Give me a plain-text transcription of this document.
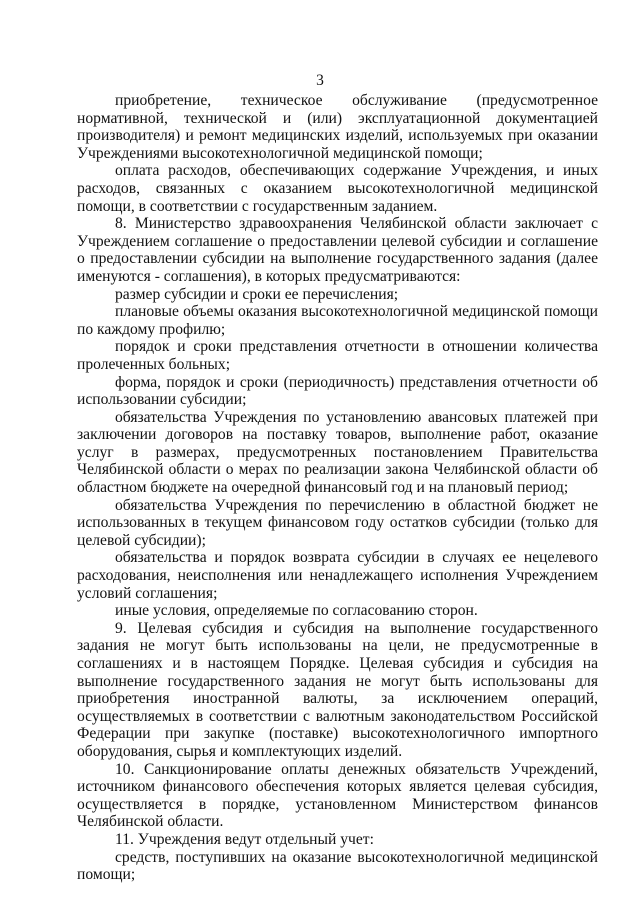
3

приобретение, техническое обслуживание (предусмотренное нормативной, технической и (или) эксплуатационной документацией производителя) и ремонт медицинских изделий, используемых при оказании Учреждениями высокотехнологичной медицинской помощи;

оплата расходов, обеспечивающих содержание Учреждения, и иных расходов, связанных с оказанием высокотехнологичной медицинской помощи, в соответствии с государственным заданием.

8. Министерство здравоохранения Челябинской области заключает с Учреждением соглашение о предоставлении целевой субсидии и соглашение о предоставлении субсидии на выполнение государственного задания (далее именуются - соглашения), в которых предусматриваются:

размер субсидии и сроки ее перечисления;

плановые объемы оказания высокотехнологичной медицинской помощи по каждому профилю;

порядок и сроки представления отчетности в отношении количества пролеченных больных;

форма, порядок и сроки (периодичность) представления отчетности об использовании субсидии;

обязательства Учреждения по установлению авансовых платежей при заключении договоров на поставку товаров, выполнение работ, оказание услуг в размерах, предусмотренных постановлением Правительства Челябинской области о мерах по реализации закона Челябинской области об областном бюджете на очередной финансовый год и на плановый период;

обязательства Учреждения по перечислению в областной бюджет не использованных в текущем финансовом году остатков субсидии (только для целевой субсидии);

обязательства и порядок возврата субсидии в случаях ее нецелевого расходования, неисполнения или ненадлежащего исполнения Учреждением условий соглашения;

иные условия, определяемые по согласованию сторон.

9. Целевая субсидия и субсидия на выполнение государственного задания не могут быть использованы на цели, не предусмотренные в соглашениях и в настоящем Порядке. Целевая субсидия и субсидия на выполнение государственного задания не могут быть использованы для приобретения иностранной валюты, за исключением операций, осуществляемых в соответствии с валютным законодательством Российской Федерации при закупке (поставке) высокотехнологичного импортного оборудования, сырья и комплектующих изделий.

10. Санкционирование оплаты денежных обязательств Учреждений, источником финансового обеспечения которых является целевая субсидия, осуществляется в порядке, установленном Министерством финансов Челябинской области.

11. Учреждения ведут отдельный учет:

средств, поступивших на оказание высокотехнологичной медицинской помощи;
